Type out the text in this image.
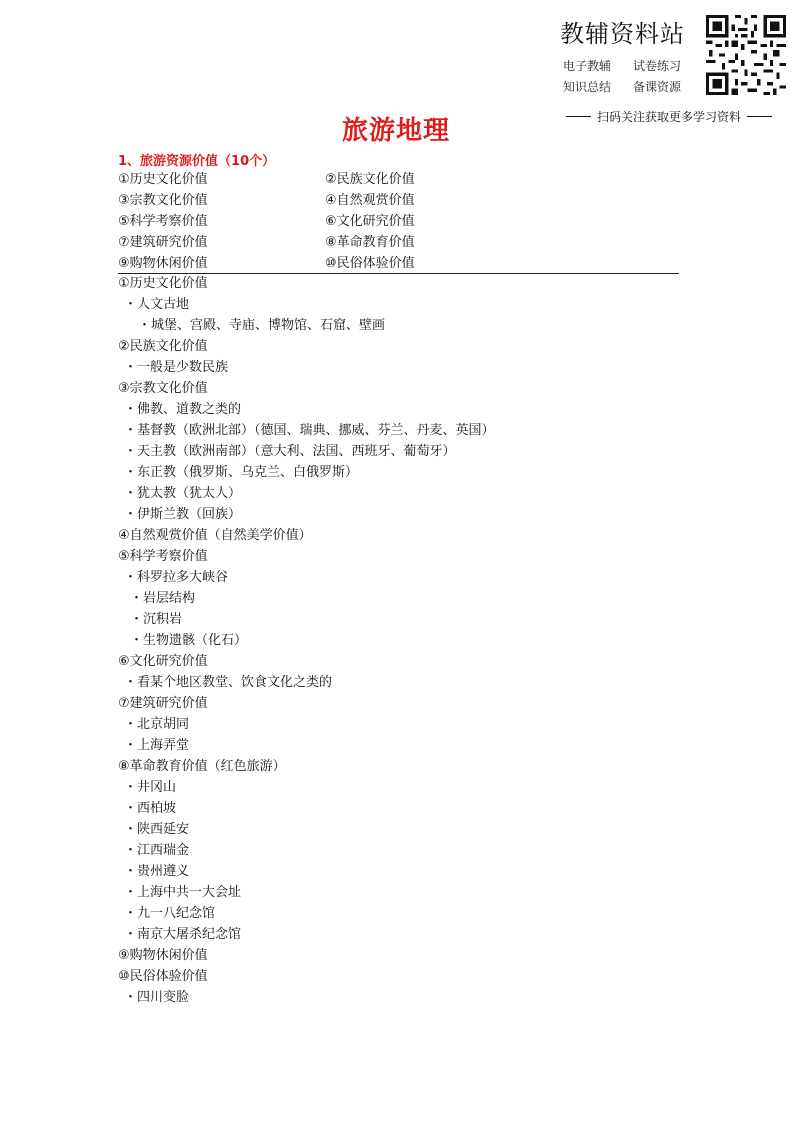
教辅资料站
电子教辅 试卷练习
知识总结 备课资源
扫码关注获取更多学习资料
旅游地理
1、旅游资源价值（10个）
①历史文化价值	②民族文化价值
③宗教文化价值	④自然观赏价值
⑤科学考察价值	⑥文化研究价值
⑦建筑研究价值	⑧革命教育价值
⑨购物休闲价值	⑩民俗体验价值
①历史文化价值
・人文古地
・城堡、宫殿、寺庙、博物馆、石窟、壁画
②民族文化价值
・一般是少数民族
③宗教文化价值
・佛教、道教之类的
・基督教（欧洲北部）（德国、瑞典、挪威、芬兰、丹麦、英国）
・天主教（欧洲南部）（意大利、法国、西班牙、葡萄牙）
・东正教（俄罗斯、乌克兰、白俄罗斯）
・犹太教（犹太人）
・伊斯兰教（回族）
④自然观赏价值（自然美学价值）
⑤科学考察价值
・科罗拉多大峡谷
・岩层结构
・沉积岩
・生物遗骸（化石）
⑥文化研究价值
・看某个地区教堂、饮食文化之类的
⑦建筑研究价值
・北京胡同
・上海弄堂
⑧革命教育价值（红色旅游）
・井冈山
・西柏坡
・陕西延安
・江西瑞金
・贵州遵义
・上海中共一大会址
・九一八纪念馆
・南京大屠杀纪念馆
⑨购物休闲价值
⑩民俗体验价值
・四川变脸
